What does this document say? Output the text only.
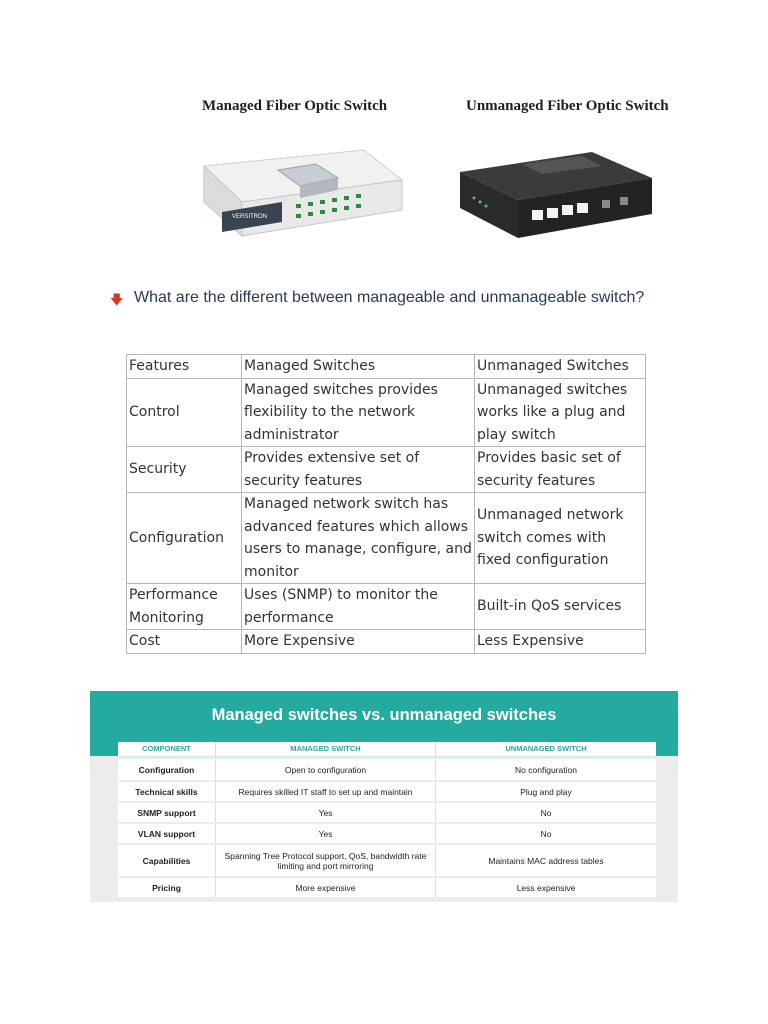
Managed Fiber Optic Switch	Unmanaged Fiber Optic Switch
VERSITRON
🡇 What are the different between manageable and unmanageable switch?
Features	Managed Switches	Unmanaged Switches
Control	Managed switches provides flexibility to the network administrator	Unmanaged switches works like a plug and play switch
Security	Provides extensive set of security features	Provides basic set of security features
Configuration	Managed network switch has advanced features which allows users to manage, configure, and monitor	Unmanaged network switch comes with fixed configuration
Performance Monitoring	Uses (SNMP) to monitor the performance	Built-in QoS services
Cost	More Expensive	Less Expensive
Managed switches vs. unmanaged switches
COMPONENT	MANAGED SWITCH	UNMANAGED SWITCH
Configuration	Open to configuration	No configuration
Technical skills	Requires skilled IT staff to set up and maintain	Plug and play
SNMP support	Yes	No
VLAN support	Yes	No
Capabilities	Spanning Tree Protocol support, QoS, bandwidth rate limiting and port mirroring	Maintains MAC address tables
Pricing	More expensive	Less expensive
